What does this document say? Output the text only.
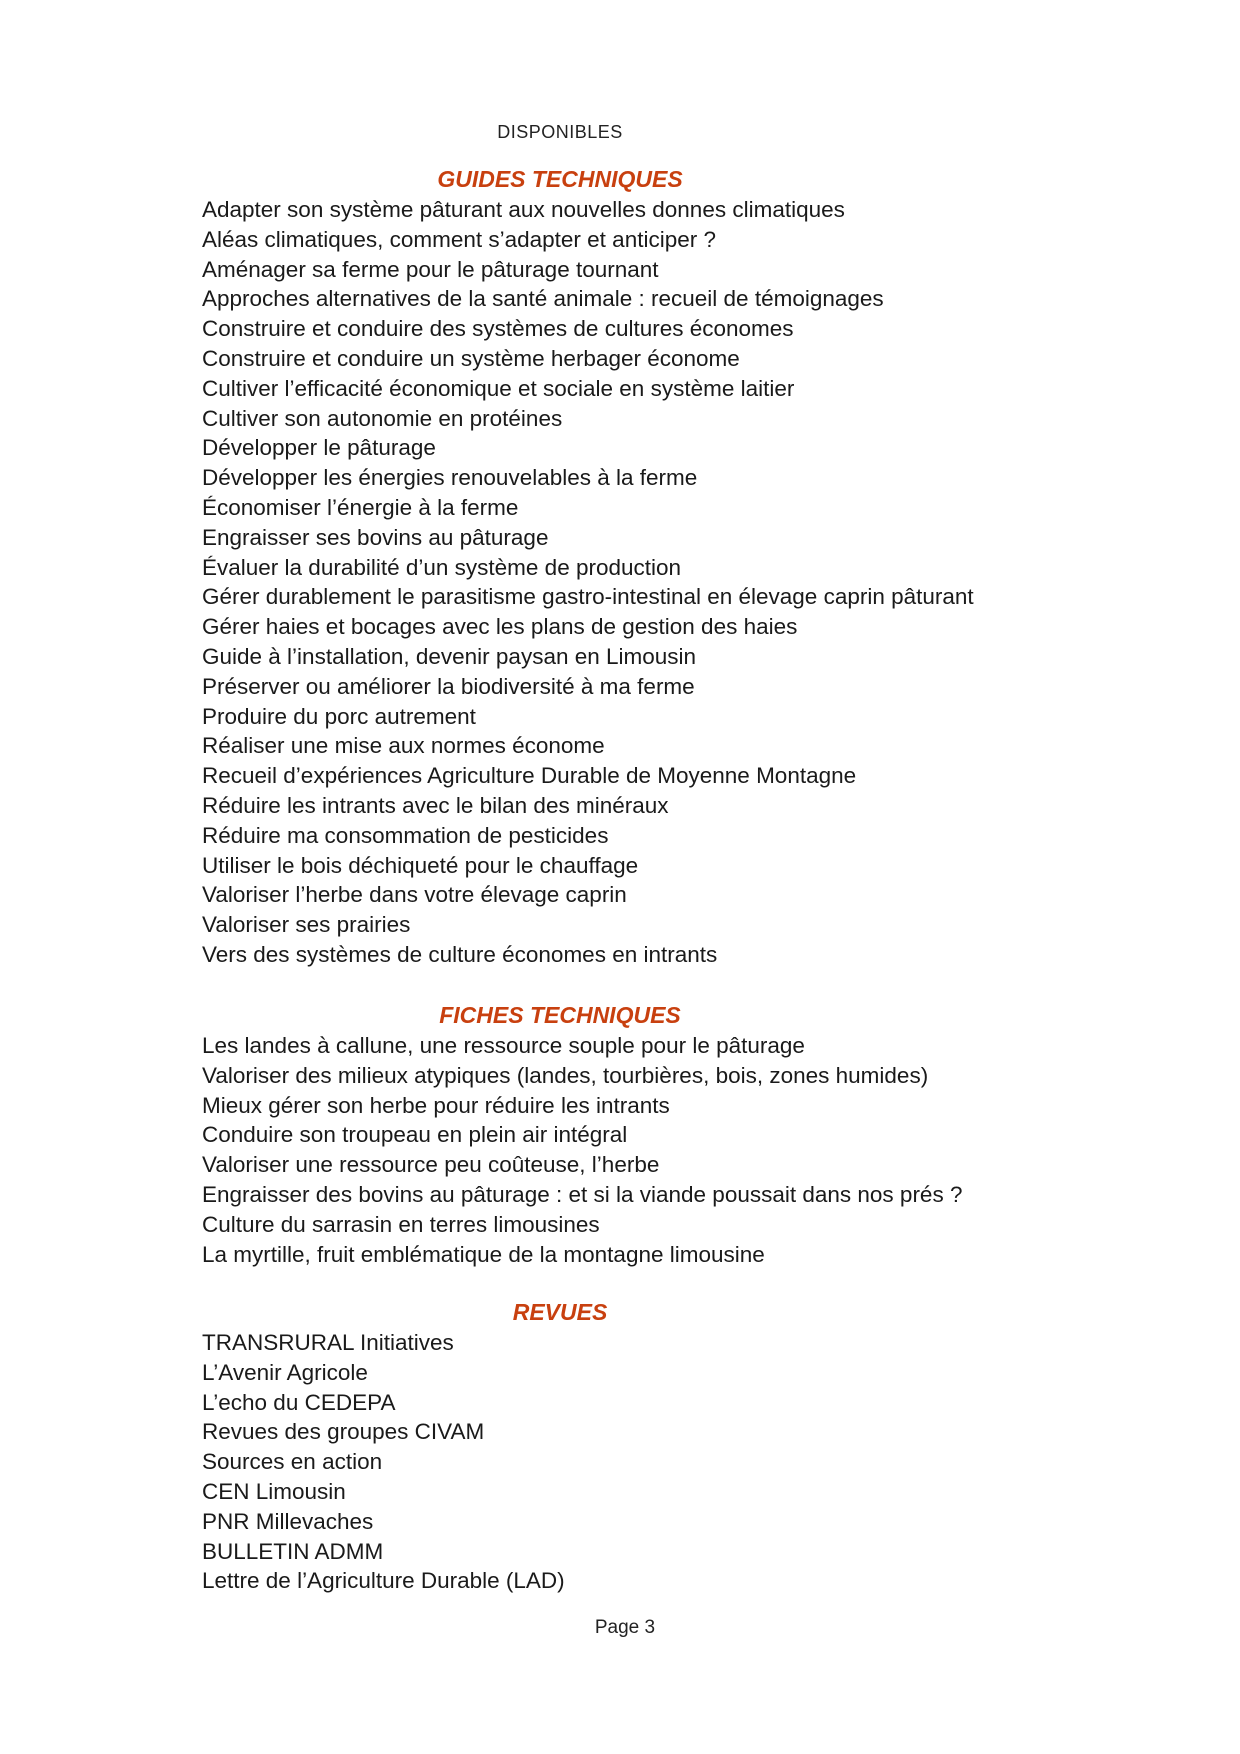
DISPONIBLES
GUIDES TECHNIQUES
Adapter son système pâturant aux nouvelles donnes climatiques
Aléas climatiques, comment s’adapter et anticiper ?
Aménager sa ferme pour le pâturage tournant
Approches alternatives de la santé animale : recueil de témoignages
Construire et conduire des systèmes de cultures économes
Construire et conduire un système herbager économe
Cultiver l’efficacité économique et sociale en système laitier
Cultiver son autonomie en protéines
Développer le pâturage
Développer les énergies renouvelables à la ferme
Économiser l’énergie à la ferme
Engraisser ses bovins au pâturage
Évaluer la durabilité d’un système de production
Gérer durablement le parasitisme gastro-intestinal en élevage caprin pâturant
Gérer haies et bocages avec les plans de gestion des haies
Guide à l’installation, devenir paysan en Limousin
Préserver ou améliorer la biodiversité à ma ferme
Produire du porc autrement
Réaliser une mise aux normes économe
Recueil d’expériences Agriculture Durable de Moyenne Montagne
Réduire les intrants avec le bilan des minéraux
Réduire ma consommation de pesticides
Utiliser le bois déchiqueté pour le chauffage
Valoriser l’herbe dans votre élevage caprin
Valoriser ses prairies
Vers des systèmes de culture économes en intrants
FICHES TECHNIQUES
Les landes à callune, une ressource souple pour le pâturage
Valoriser des milieux atypiques (landes, tourbières, bois, zones humides)
Mieux gérer son herbe pour réduire les intrants
Conduire son troupeau en plein air intégral
Valoriser une ressource peu coûteuse, l’herbe
Engraisser des bovins au pâturage : et si la viande poussait dans nos prés ?
Culture du sarrasin en terres limousines
La myrtille, fruit emblématique de la montagne limousine
REVUES
TRANSRURAL Initiatives
L’Avenir Agricole
L’echo du CEDEPA
Revues des groupes CIVAM
Sources en action
CEN Limousin
PNR Millevaches
BULLETIN ADMM
Lettre de l’Agriculture Durable (LAD)
Page 3
